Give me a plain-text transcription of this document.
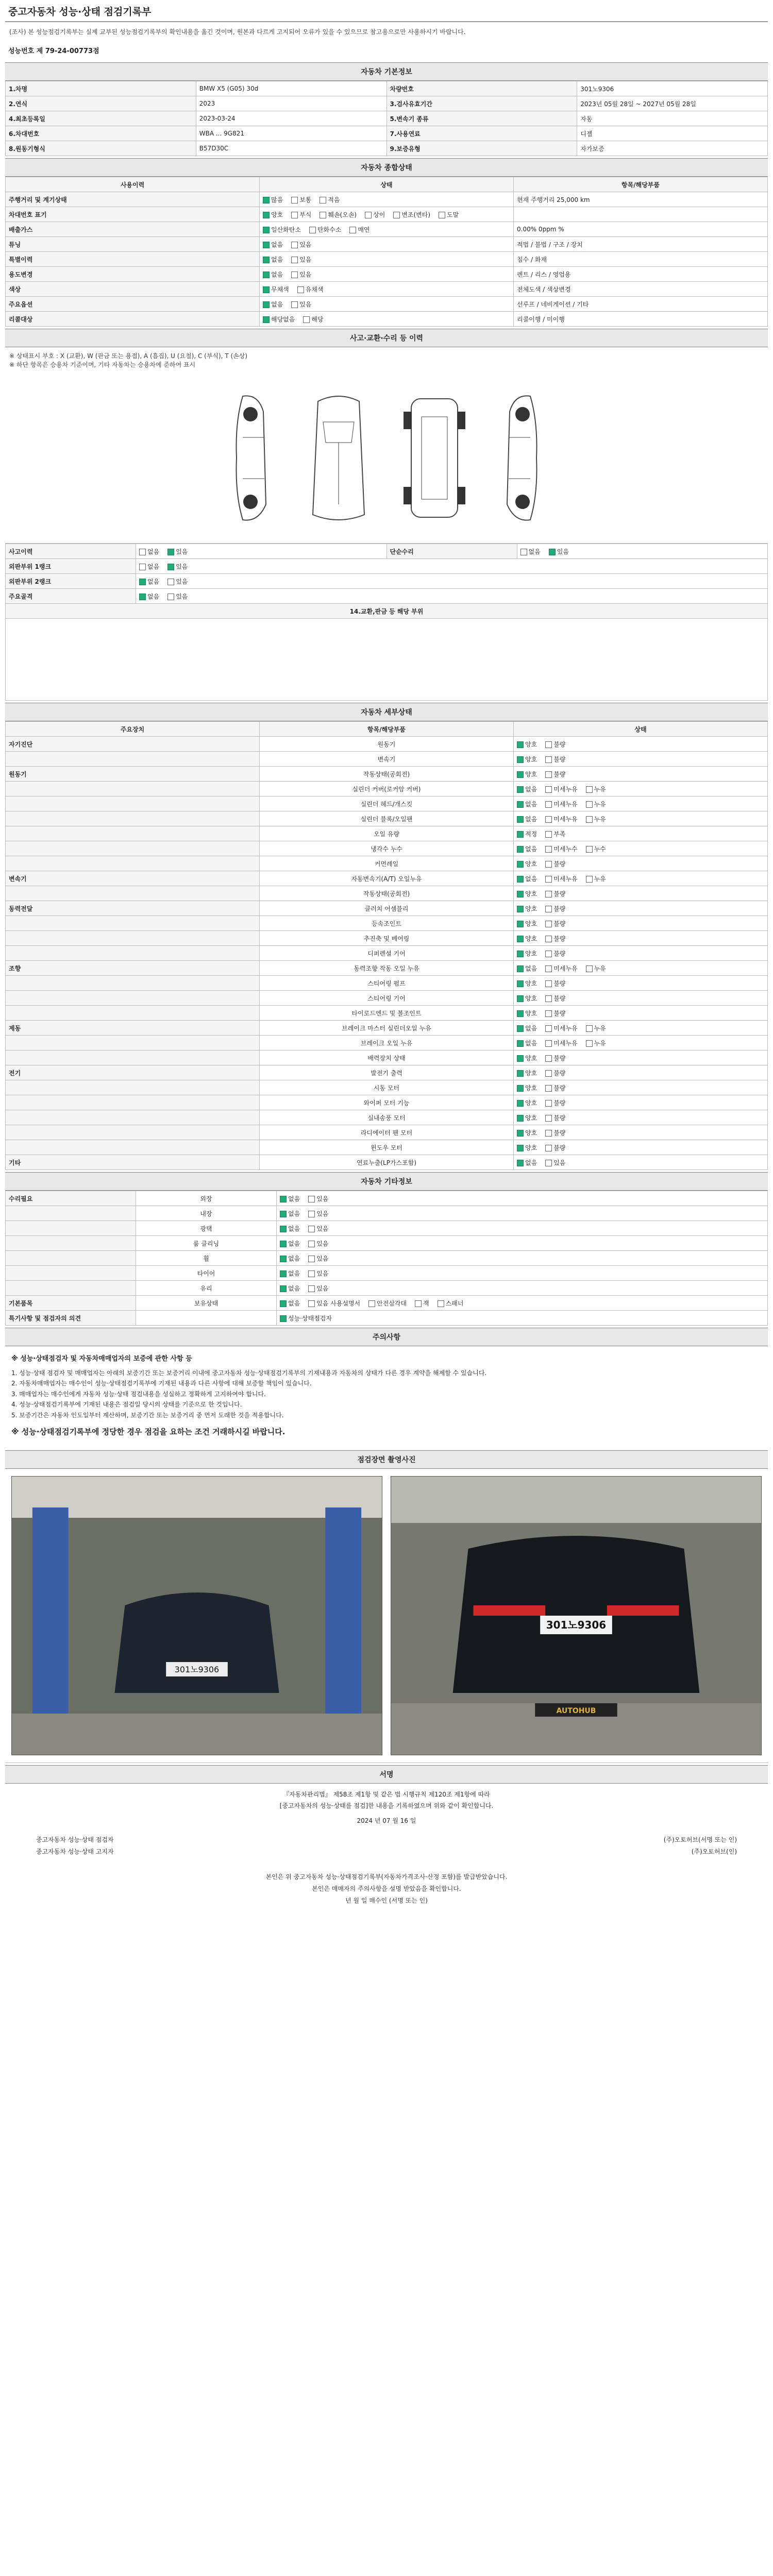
중고자동차 성능·상태 점검기록부
(조사) 본 성능점검기록부는 실제 교부된 성능점검기록부의 확인내용을 옮긴 것이며, 원본과 다르게 고지되어 오류가 있을 수 있으므로 참고용으로만 사용하시기 바랍니다.
성능번호 제 79-24-00773점
자동차 기본정보
1.차명	BMW X5 (G05) 30d	차량번호	301노9306
2.연식	2023	3.검사유효기간	2023년 05월 28일 ~ 2027년 05월 28일
4.최초등록일	2023-03-24	5.변속기 종류	자동
6.차대번호	WBA ... 9G821	7.사용연료	디젤
8.원동기형식	B57D30C	9.보증유형	자가보증
자동차 종합상태
사용이력	상태	항목/해당부품
주행거리 및 계기상태	많음 보통 적음	현재 주행거리 25,000 km
차대번호 표기	양호 부식 훼손(오손) 상이 변조(변타) 도말	
배출가스	일산화탄소 탄화수소 매연	0.00% 0ppm %
튜닝	없음 있음	적법 / 불법 / 구조 / 장치
특별이력	없음 있음	침수 / 화재
용도변경	없음 있음	렌트 / 리스 / 영업용
색상	무채색 유채색	전체도색 / 색상변경
주요옵션	없음 있음	선루프 / 네비게이션 / 기타
리콜대상	해당없음 해당	리콜이행 / 미이행
사고·교환·수리 등 이력
※ 상태표시 부호 : X (교환), W (판금 또는 용접), A (흠집), U (요철), C (부식), T (손상)
※ 하단 항목은 승용차 기준이며, 기타 자동차는 승용차에 준하여 표시
사고이력	없음 있음	단순수리	없음 있음
외판부위 1랭크	없음 있음		
외판부위 2랭크	없음 있음		
주요골격	없음 있음		
14.교환,판금 등 해당 부위			

자동차 세부상태
주요장치	항목/해당부품	상태
자기진단	원동기	양호 불량
	변속기	양호 불량
원동기	작동상태(공회전)	양호 불량
	실린더 커버(로커암 커버)	없음 미세누유 누유
	실린더 헤드/개스킷	없음 미세누유 누유
	실린더 블록/오일팬	없음 미세누유 누유
	오일 유량	적정 부족
	냉각수 누수	없음 미세누수 누수
	커먼레일	양호 불량
변속기	자동변속기(A/T) 오일누유	없음 미세누유 누유
	작동상태(공회전)	양호 불량
동력전달	클러치 어셈블리	양호 불량
	등속조인트	양호 불량
	추진축 및 베어링	양호 불량
	디퍼렌셜 기어	양호 불량
조향	동력조향 작동 오일 누유	없음 미세누유 누유
	스티어링 펌프	양호 불량
	스티어링 기어	양호 불량
	타이로드엔드 및 볼조인트	양호 불량
제동	브레이크 마스터 실린더오일 누유	없음 미세누유 누유
	브레이크 오일 누유	없음 미세누유 누유
	배력장치 상태	양호 불량
전기	발전기 출력	양호 불량
	시동 모터	양호 불량
	와이퍼 모터 기능	양호 불량
	실내송풍 모터	양호 불량
	라디에이터 팬 모터	양호 불량
	윈도우 모터	양호 불량
기타	연료누출(LP가스포함)	없음 있음
자동차 기타정보
수리필요	외장	없음 있음
	내장	없음 있음
	광택	없음 있음
	룸 클리닝	없음 있음
	휠	없음 있음
	타이어	없음 있음
	유리	없음 있음
기본품목	보유상태	없음 있음 사용설명서 안전삼각대 잭 스패너
특기사항 및 점검자의 의견		성능·상태점검자
주의사항
※ 성능·상태점검자 및 자동차매매업자의 보증에 관한 사항 등
1. 성능·상태 점검자 및 매매업자는 아래의 보증기간 또는 보증거리 이내에 중고자동차 성능·상태점검기록부의 기재내용과 자동차의 상태가 다른 경우 계약을 해제할 수 있습니다.
2. 자동차매매업자는 매수인이 성능·상태점검기록부에 기재된 내용과 다른 사항에 대해 보증할 책임이 있습니다.
3. 매매업자는 매수인에게 자동차 성능·상태 점검내용을 성실하고 정확하게 고지하여야 합니다.
4. 성능·상태점검기록부에 기재된 내용은 점검일 당시의 상태를 기준으로 한 것입니다.
5. 보증기간은 자동차 인도일부터 계산하며, 보증기간 또는 보증거리 중 먼저 도래한 것을 적용합니다.
※ 성능·상태점검기록부에 정당한 경우 점검을 요하는 조건 거래하시길 바랍니다.
점검장면 촬영사진
301노9306
301노9306
AUTOHUB
서명
『자동차관리법』 제58조 제1항 및 같은 법 시행규칙 제120조 제1항에 따라
[중고자동차의 성능·상태를 점검]한 내용을 기록하였으며 위와 같이 확인합니다.
2024 년 07 월 16 일
중고자동차 성능·상태 점검자	(주)오토허브(서명 또는 인)
중고자동차 성능·상태 고지자	(주)오토허브(인)
본인은 위 중고자동차 성능·상태점검기록부(자동차가격조사·산정 포함)를 발급받았습니다.
본인은 매매자의 주의사항을 설명 받았음을 확인합니다.
년 월 일 매수인 (서명 또는 인)
